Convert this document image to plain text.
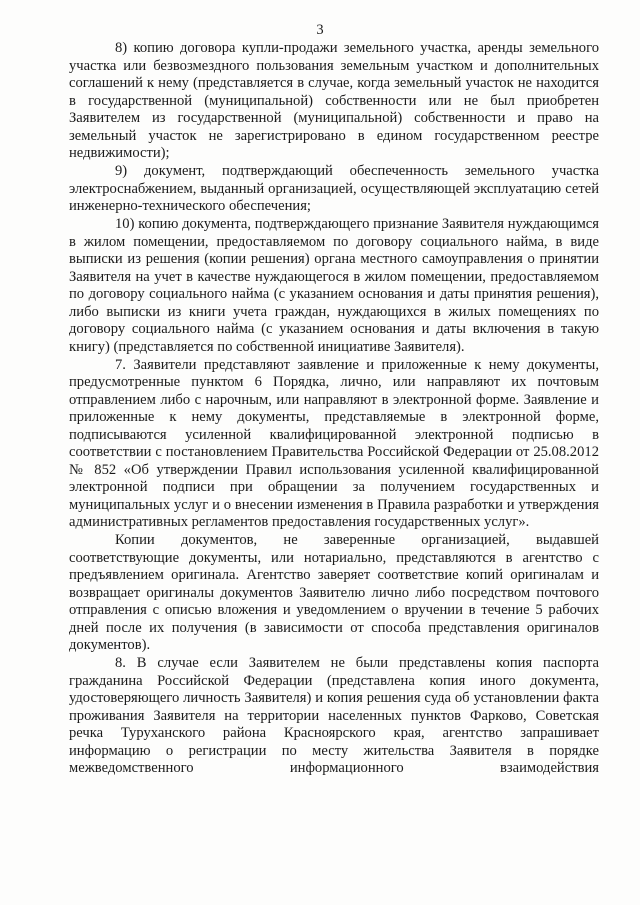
3

8) копию договора купли-продажи земельного участка, аренды земельного участка или безвозмездного пользования земельным участком и дополнительных соглашений к нему (представляется в случае, когда земельный участок не находится в государственной (муниципальной) собственности или не был приобретен Заявителем из государственной (муниципальной) собственности и право на земельный участок не зарегистрировано в едином государственном реестре недвижимости);

9) документ, подтверждающий обеспеченность земельного участка электроснабжением, выданный организацией, осуществляющей эксплуатацию сетей инженерно-технического обеспечения;

10) копию документа, подтверждающего признание Заявителя нуждающимся в жилом помещении, предоставляемом по договору социального найма, в виде выписки из решения (копии решения) органа местного самоуправления о принятии Заявителя на учет в качестве нуждающегося в жилом помещении, предоставляемом по договору социального найма (с указанием основания и даты принятия решения), либо выписки из книги учета граждан, нуждающихся в жилых помещениях по договору социального найма (с указанием основания и даты включения в такую книгу) (представляется по собственной инициативе Заявителя).

7. Заявители представляют заявление и приложенные к нему документы, предусмотренные пунктом 6 Порядка, лично, или направляют их почтовым отправлением либо с нарочным, или направляют в электронной форме. Заявление и приложенные к нему документы, представляемые в электронной форме, подписываются усиленной квалифицированной электронной подписью в соответствии с постановлением Правительства Российской Федерации от 25.08.2012 № 852 «Об утверждении Правил использования усиленной квалифицированной электронной подписи при обращении за получением государственных и муниципальных услуг и о внесении изменения в Правила разработки и утверждения административных регламентов предоставления государственных услуг».

Копии документов, не заверенные организацией, выдавшей соответствующие документы, или нотариально, представляются в агентство с предъявлением оригинала. Агентство заверяет соответствие копий оригиналам и возвращает оригиналы документов Заявителю лично либо посредством почтового отправления с описью вложения и уведомлением о вручении в течение 5 рабочих дней после их получения (в зависимости от способа представления оригиналов документов).

8. В случае если Заявителем не были представлены копия паспорта гражданина Российской Федерации (представлена копия иного документа, удостоверяющего личность Заявителя) и копия решения суда об установлении факта проживания Заявителя на территории населенных пунктов Фарково, Советская речка Туруханского района Красноярского края, агентство запрашивает информацию о регистрации по месту жительства Заявителя в порядке межведомственного информационного взаимодействия
